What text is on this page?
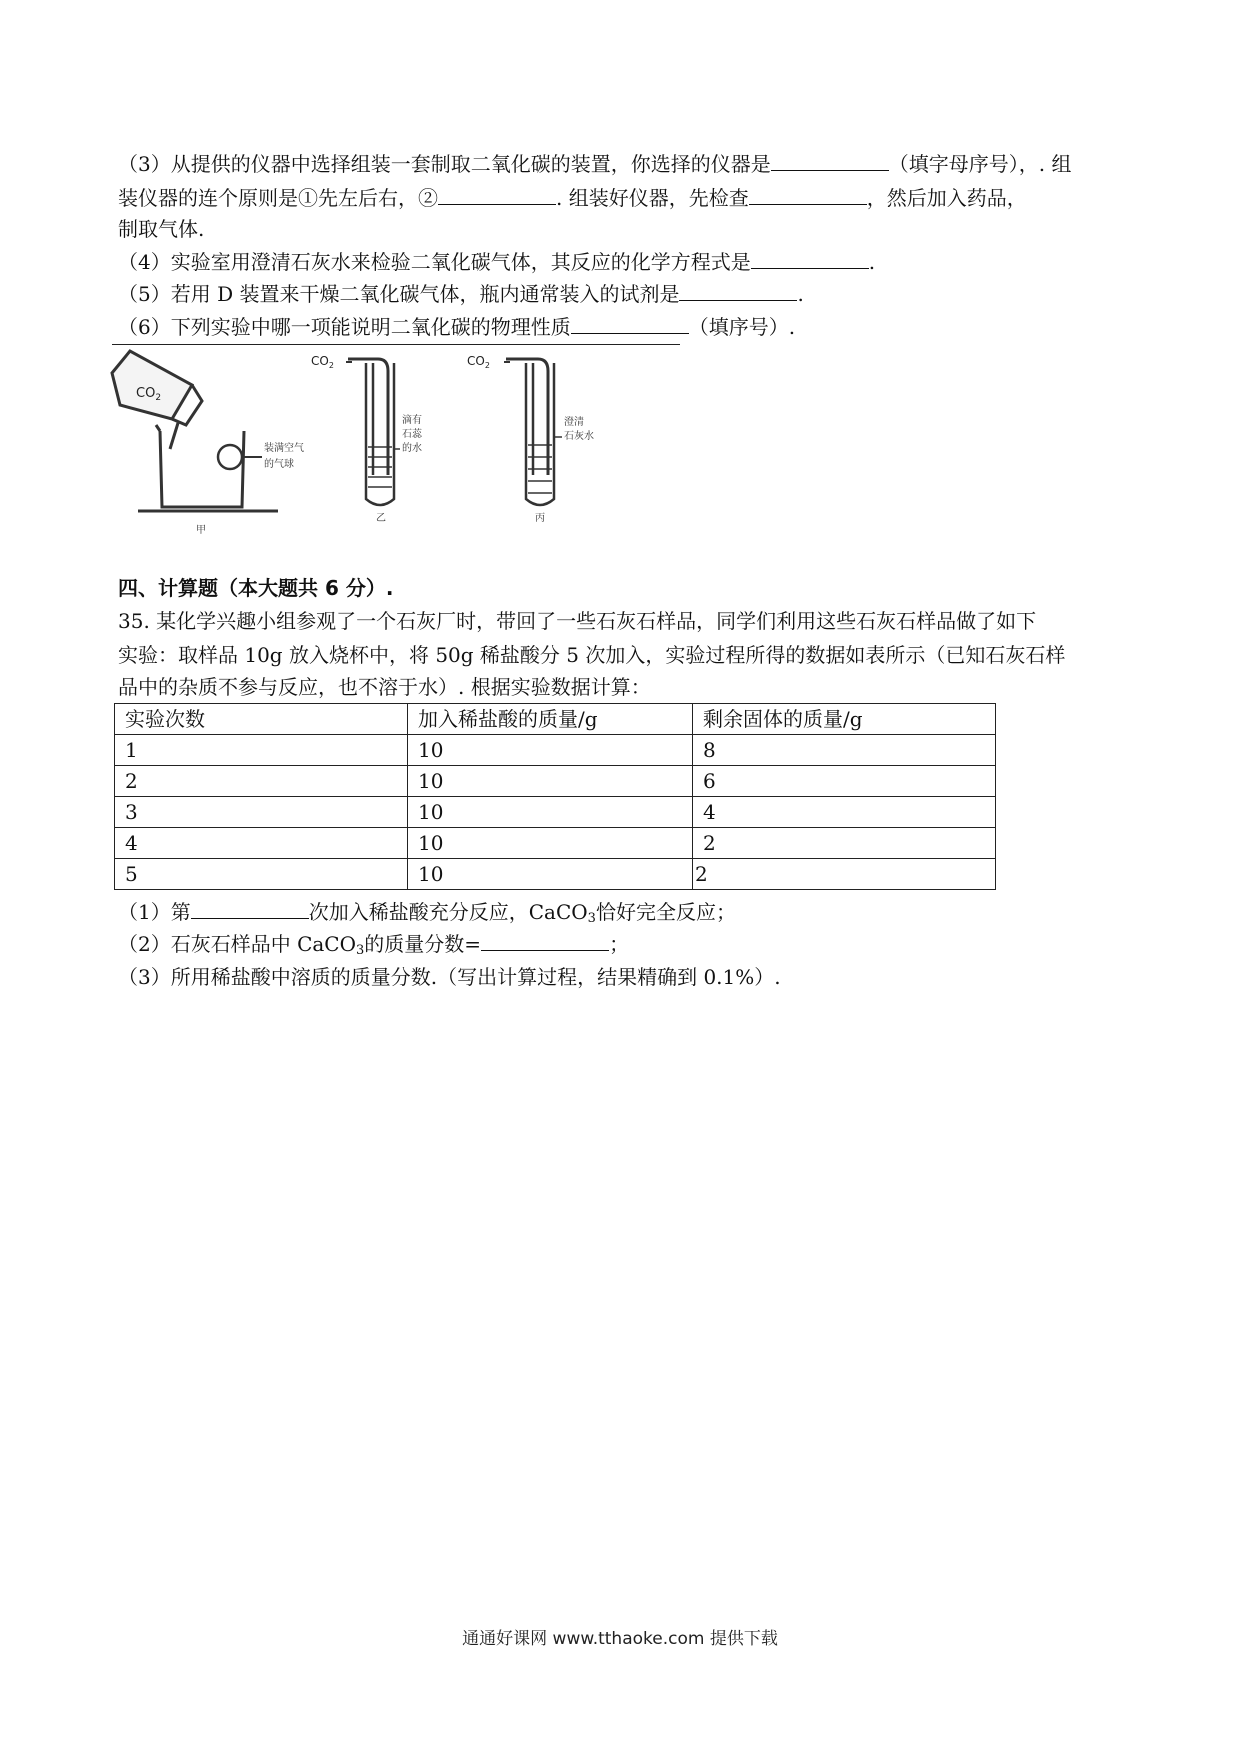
（3）从提供的仪器中选择组装一套制取二氧化碳的装置，你选择的仪器是	（填字母序号），. 组
装仪器的连个原则是①先左后右，②	. 组装好仪器，先检查	，然后加入药品，
制取气体.
（4）实验室用澄清石灰水来检验二氧化碳气体，其反应的化学方程式是	.
（5）若用 D 装置来干燥二氧化碳气体，瓶内通常装入的试剂是	.
（6）下列实验中哪一项能说明二氧化碳的物理性质	（填序号）.
$CO_2$
装满空气
的气球
甲
$CO_2$
滴有
石蕊
的水
乙
$CO_2$
澄清
石灰水
丙
四、计算题（本大题共 6 分）.
35. 某化学兴趣小组参观了一个石灰厂时，带回了一些石灰石样品，同学们利用这些石灰石样品做了如下
实验：取样品 10g 放入烧杯中，将 50g 稀盐酸分 5 次加入，实验过程所得的数据如表所示（已知石灰石样
品中的杂质不参与反应，也不溶于水）. 根据实验数据计算：
实验次数	加入稀盐酸的质量/g	剩余固体的质量/g
1	10	8
2	10	6
3	10	4
4	10	2
5	10	2
（1）第	次加入稀盐酸充分反应，CaCO$_3$恰好完全反应；
（2）石灰石样品中 CaCO$_3$的质量分数=	；
（3）所用稀盐酸中溶质的质量分数.（写出计算过程，结果精确到 0.1%）.
通通好课网 www.tthaoke.com 提供下载
